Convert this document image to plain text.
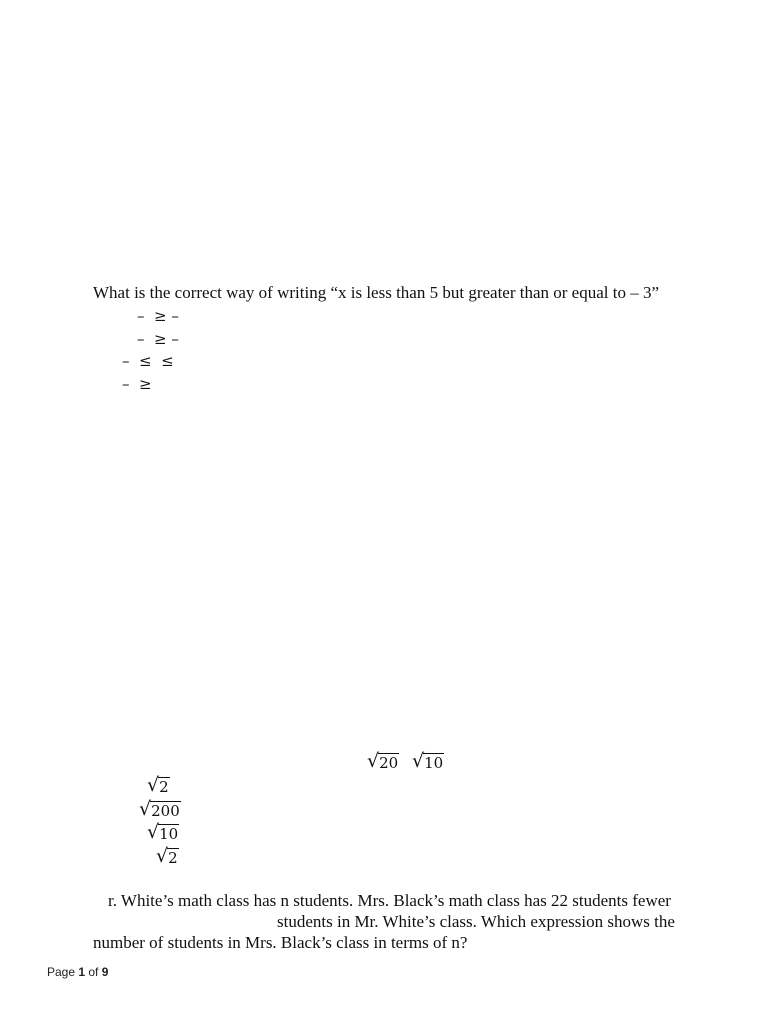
What is the correct way of writing “x is less than 5 but greater than or equal to – 3”
–  ≥ –
–  ≥ –
–  ≤  ≤
–  ≥
√ 20 √ 10
√ 2
√ 200
√ 10
√ 2
r. White’s math class has n students. Mrs. Black’s math class has 22 students fewer
students in Mr. White’s class. Which expression shows the
number of students in Mrs. Black’s class in terms of n?
Page 1 of 9
